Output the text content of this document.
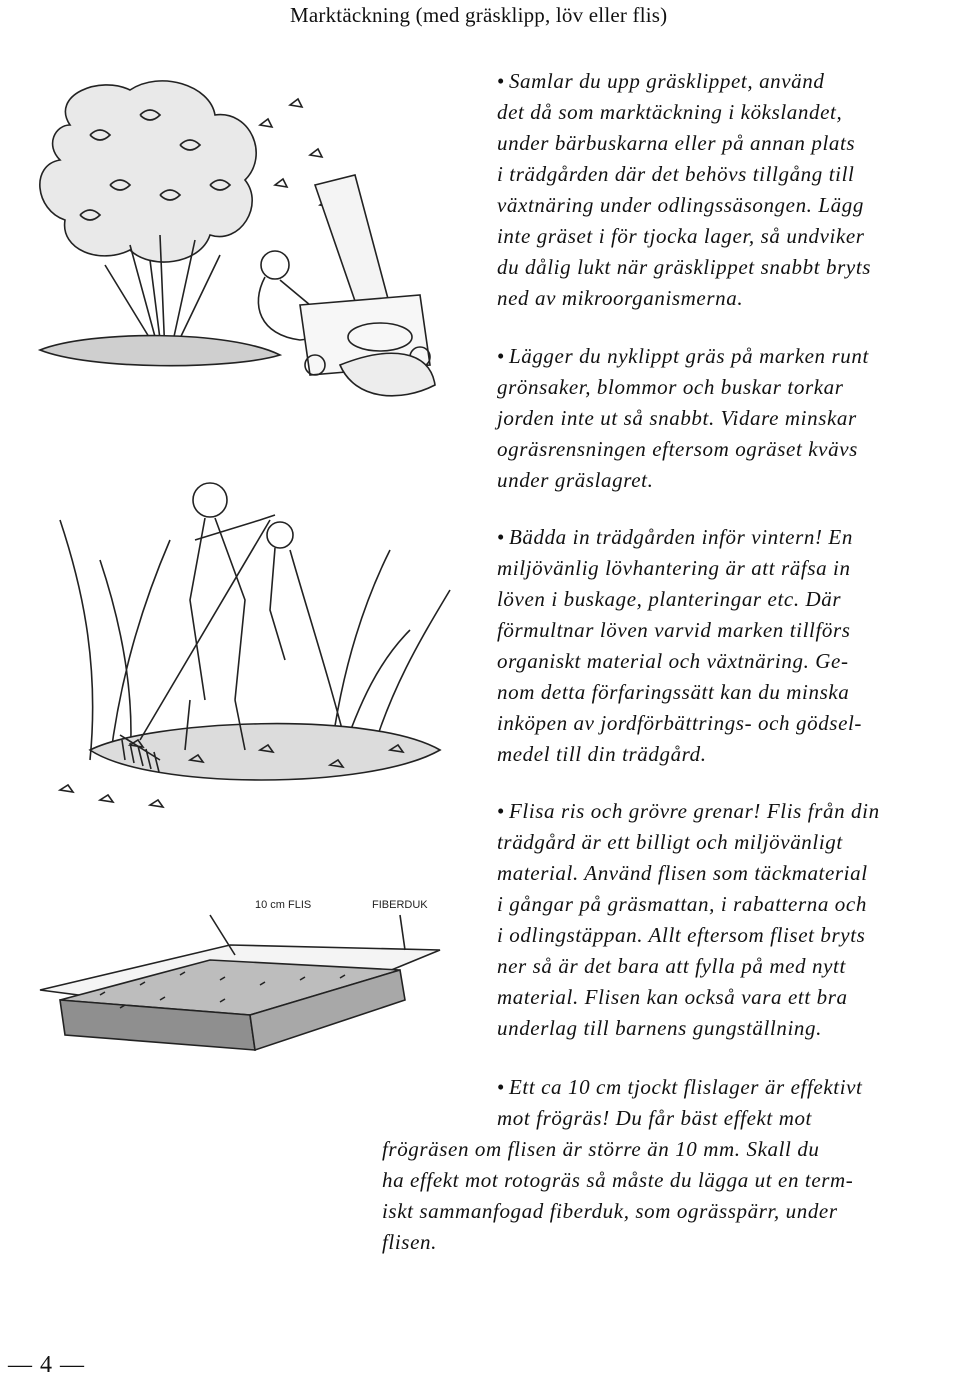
Marktäckning (med gräsklipp, löv eller flis)
• Samlar du upp gräsklippet, använd
det då som marktäckning i kökslandet,
under bärbuskarna eller på annan plats
i trädgården där det behövs tillgång till
växtnäring under odlingssäsongen. Lägg
inte gräset i för tjocka lager, så undviker
du dålig lukt när gräsklippet snabbt bryts
ned av mikroorganismerna.
• Lägger du nyklippt gräs på marken runt
grönsaker, blommor och buskar torkar
jorden inte ut så snabbt. Vidare minskar
ogräsrensningen eftersom ogräset kvävs
under gräslagret.
• Bädda in trädgården inför vintern! En
miljövänlig lövhantering är att räfsa in
löven i buskage, planteringar etc. Där
förmultnar löven varvid marken tillförs
organiskt material och växtnäring. Ge-
nom detta förfaringssätt kan du minska
inköpen av jordförbättrings- och gödsel-
medel till din trädgård.
• Flisa ris och grövre grenar! Flis från din
trädgård är ett billigt och miljövänligt
material. Använd flisen som täckmaterial
i gångar på gräsmattan, i rabatterna och
i odlingstäppan. Allt eftersom fliset bryts
ner så är det bara att fylla på med nytt
material. Flisen kan också vara ett bra
underlag till barnens gungställning.
• Ett ca 10 cm tjockt flislager är effektivt
mot frögräs! Du får bäst effekt mot
frögräsen om flisen är större än 10 mm. Skall du
ha effekt mot rotogräs så måste du lägga ut en term-
iskt sammanfogad fiberduk, som ogrässpärr, under
flisen.
10 cm FLIS	FIBERDUK
— 4 —
